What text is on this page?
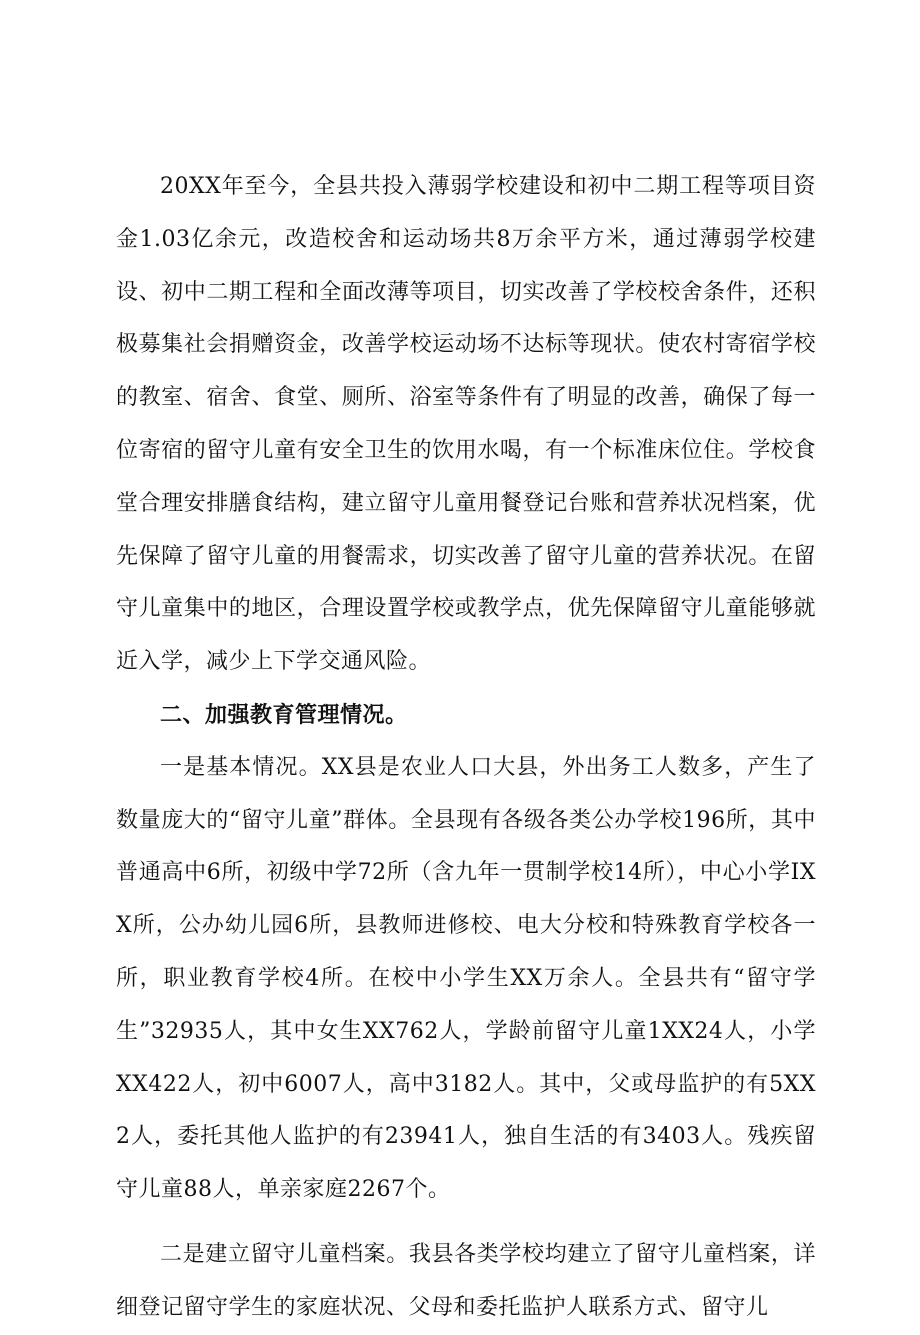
20XX年至今，全县共投入薄弱学校建设和初中二期工程等项目资金1.03亿余元，改造校舍和运动场共8万余平方米，通过薄弱学校建设、初中二期工程和全面改薄等项目，切实改善了学校校舍条件，还积极募集社会捐赠资金，改善学校运动场不达标等现状。使农村寄宿学校的教室、宿舍、食堂、厕所、浴室等条件有了明显的改善，确保了每一位寄宿的留守儿童有安全卫生的饮用水喝，有一个标准床位住。学校食堂合理安排膳食结构，建立留守儿童用餐登记台账和营养状况档案，优先保障了留守儿童的用餐需求，切实改善了留守儿童的营养状况。在留守儿童集中的地区，合理设置学校或教学点，优先保障留守儿童能够就近入学，减少上下学交通风险。

二、加强教育管理情况。

一是基本情况。XX县是农业人口大县，外出务工人数多，产生了数量庞大的“留守儿童”群体。全县现有各级各类公办学校196所，其中普通高中6所，初级中学72所（含九年一贯制学校14所），中心小学IXX所，公办幼儿园6所，县教师进修校、电大分校和特殊教育学校各一所，职业教育学校4所。在校中小学生XX万余人。全县共有“留守学生”32935人，其中女生XX762人，学龄前留守儿童1XX24人，小学XX422人，初中6007人，高中3182人。其中，父或母监护的有5XX2人，委托其他人监护的有23941人，独自生活的有3403人。残疾留守儿童88人，单亲家庭2267个。

二是建立留守儿童档案。我县各类学校均建立了留守儿童档案，详细登记留守学生的家庭状况、父母和委托监护人联系方式、留守儿
